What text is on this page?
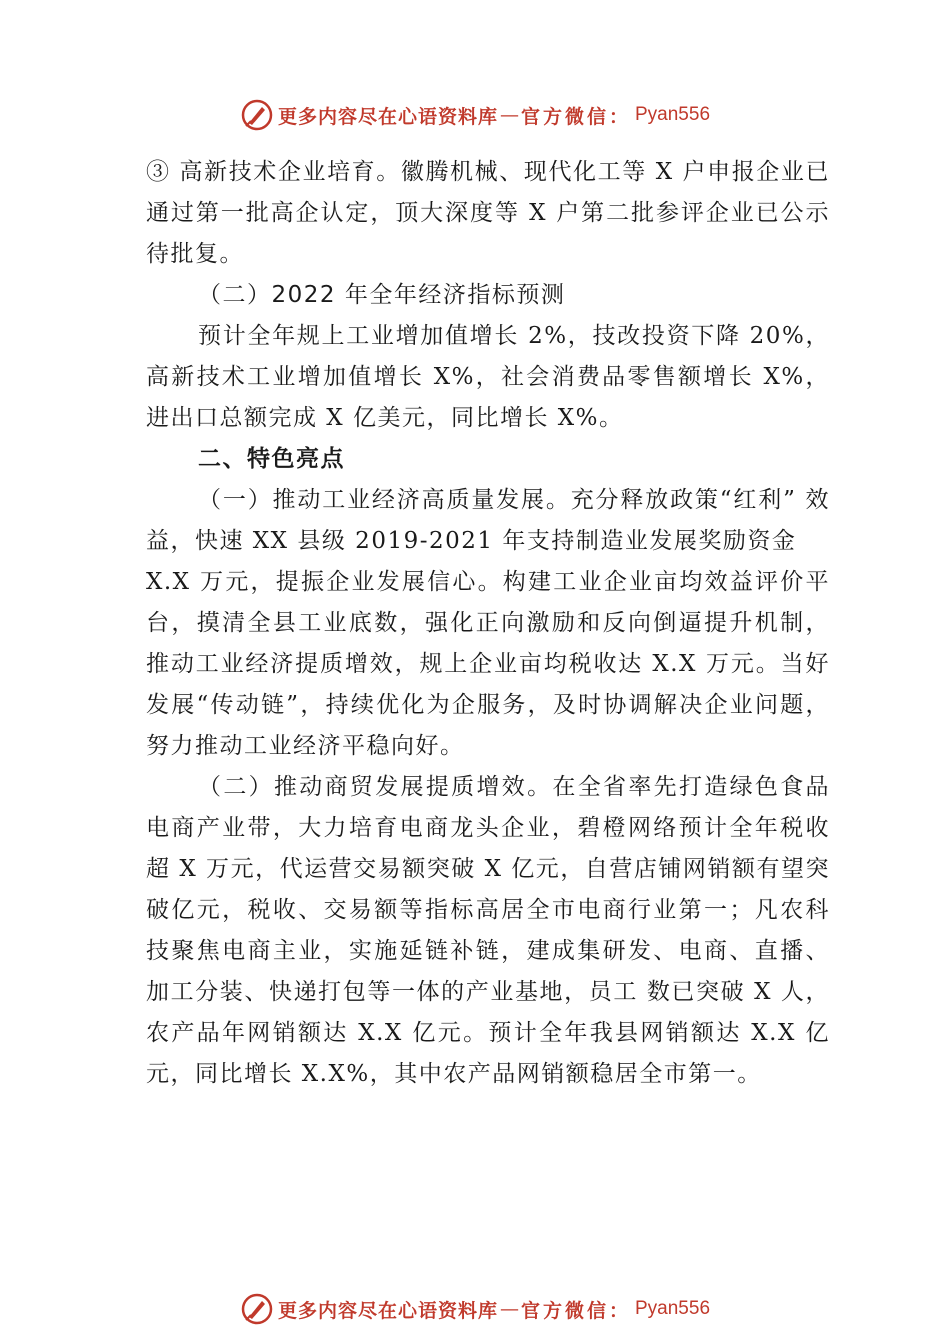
更多内容尽在心语资料库 — 官方微信： Pyan556

③ 高新技术企业培育。徽腾机械、现代化工等 X 户申报企业已通过第一批高企认定，顶大深度等 X 户第二批参评企业已公示待批复。

（二）2022 年全年经济指标预测

预计全年规上工业增加值增长 2%，技改投资下降 20%，高新技术工业增加值增长 X%，社会消费品零售额增长 X%， 进出口总额完成 X 亿美元，同比增长 X%。

二、特色亮点

（一）推动工业经济高质量发展。充分释放政策“红利” 效益，快速 XX 县级 2019-2021 年支持制造业发展奖励资金

X.X 万元，提振企业发展信心。构建工业企业亩均效益评价平台，摸清全县工业底数，强化正向激励和反向倒逼提升机制，推动工业经济提质增效，规上企业亩均税收达 X.X 万元。当好发展“传动链”，持续优化为企服务，及时协调解决企业问题，努力推动工业经济平稳向好。

（二）推动商贸发展提质增效。在全省率先打造绿色食品电商产业带，大力培育电商龙头企业，碧橙网络预计全年税收超 X 万元，代运营交易额突破 X 亿元，自营店铺网销额有望突破亿元，税收、交易额等指标高居全市电商行业第一；凡农科技聚焦电商主业，实施延链补链，建成集研发、电商、直播、加工分装、快递打包等一体的产业基地，员工 数已突破 X 人，农产品年网销额达 X.X 亿元。预计全年我县网销额达 X.X 亿元，同比增长 X.X%，其中农产品网销额稳居全市第一。

更多内容尽在心语资料库 — 官方微信： Pyan556
